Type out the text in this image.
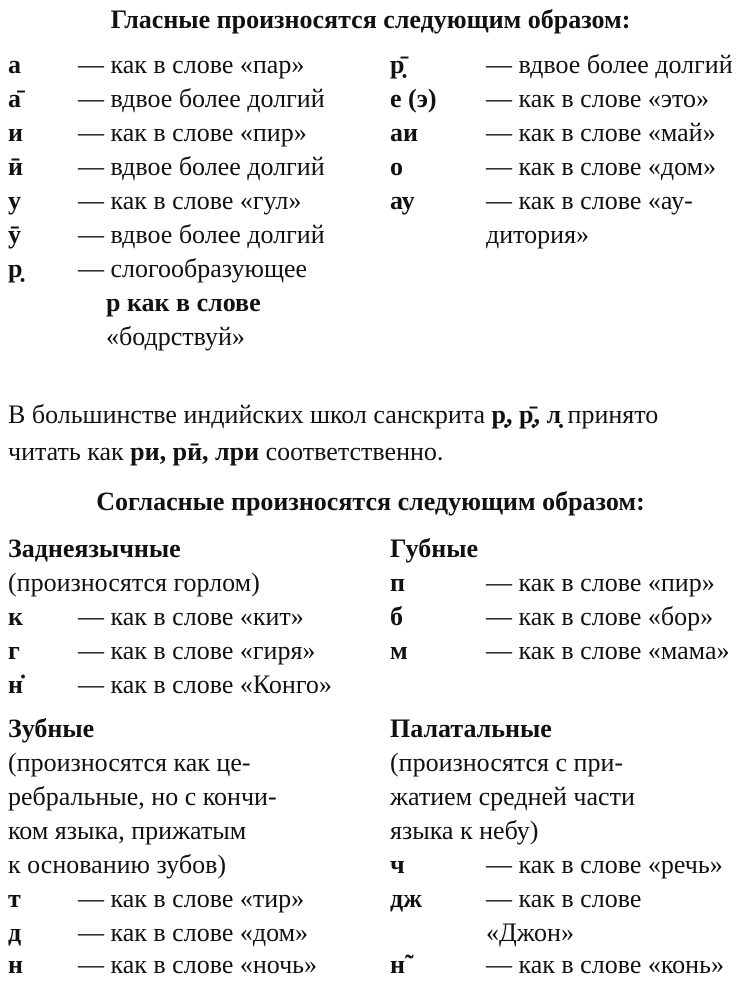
Гласные произносятся следующим образом:
а	— как в слове «пар»
а̄	— вдвое более долгий
и	— как в слове «пир»
ӣ	— вдвое более долгий
у	— как в слове «гул»
ӯ	— вдвое более долгий
р̣	— слогообразующее
р как в слове
«бодрствуй»
р̣̄	— вдвое более долгий
е (э)	— как в слове «это»
аи	— как в слове «май»
о	— как в слове «дом»
ау	— как в слове «ау-
дитория»
В большинстве индийских школ санскрита р̣, р̣̄, л̣ принято читать как ри, рӣ, лри соответственно.
Согласные произносятся следующим образом:
Заднеязычные
(произносятся горлом)
к	— как в слове «кит»
г	— как в слове «гиря»
н̇	— как в слове «Конго»
Губные
п	— как в слове «пир»
б	— как в слове «бор»
м	— как в слове «мама»
Зубные
(произносятся как це-
ребральные, но с кончи-
ком языка, прижатым
к основанию зубов)
т	— как в слове «тир»
д	— как в слове «дом»
н	— как в слове «ночь»
Палатальные
(произносятся с при-
жатием средней части
языка к небу)
ч	— как в слове «речь»
дж	— как в слове
«Джон»
н̃	— как в слове «конь»
